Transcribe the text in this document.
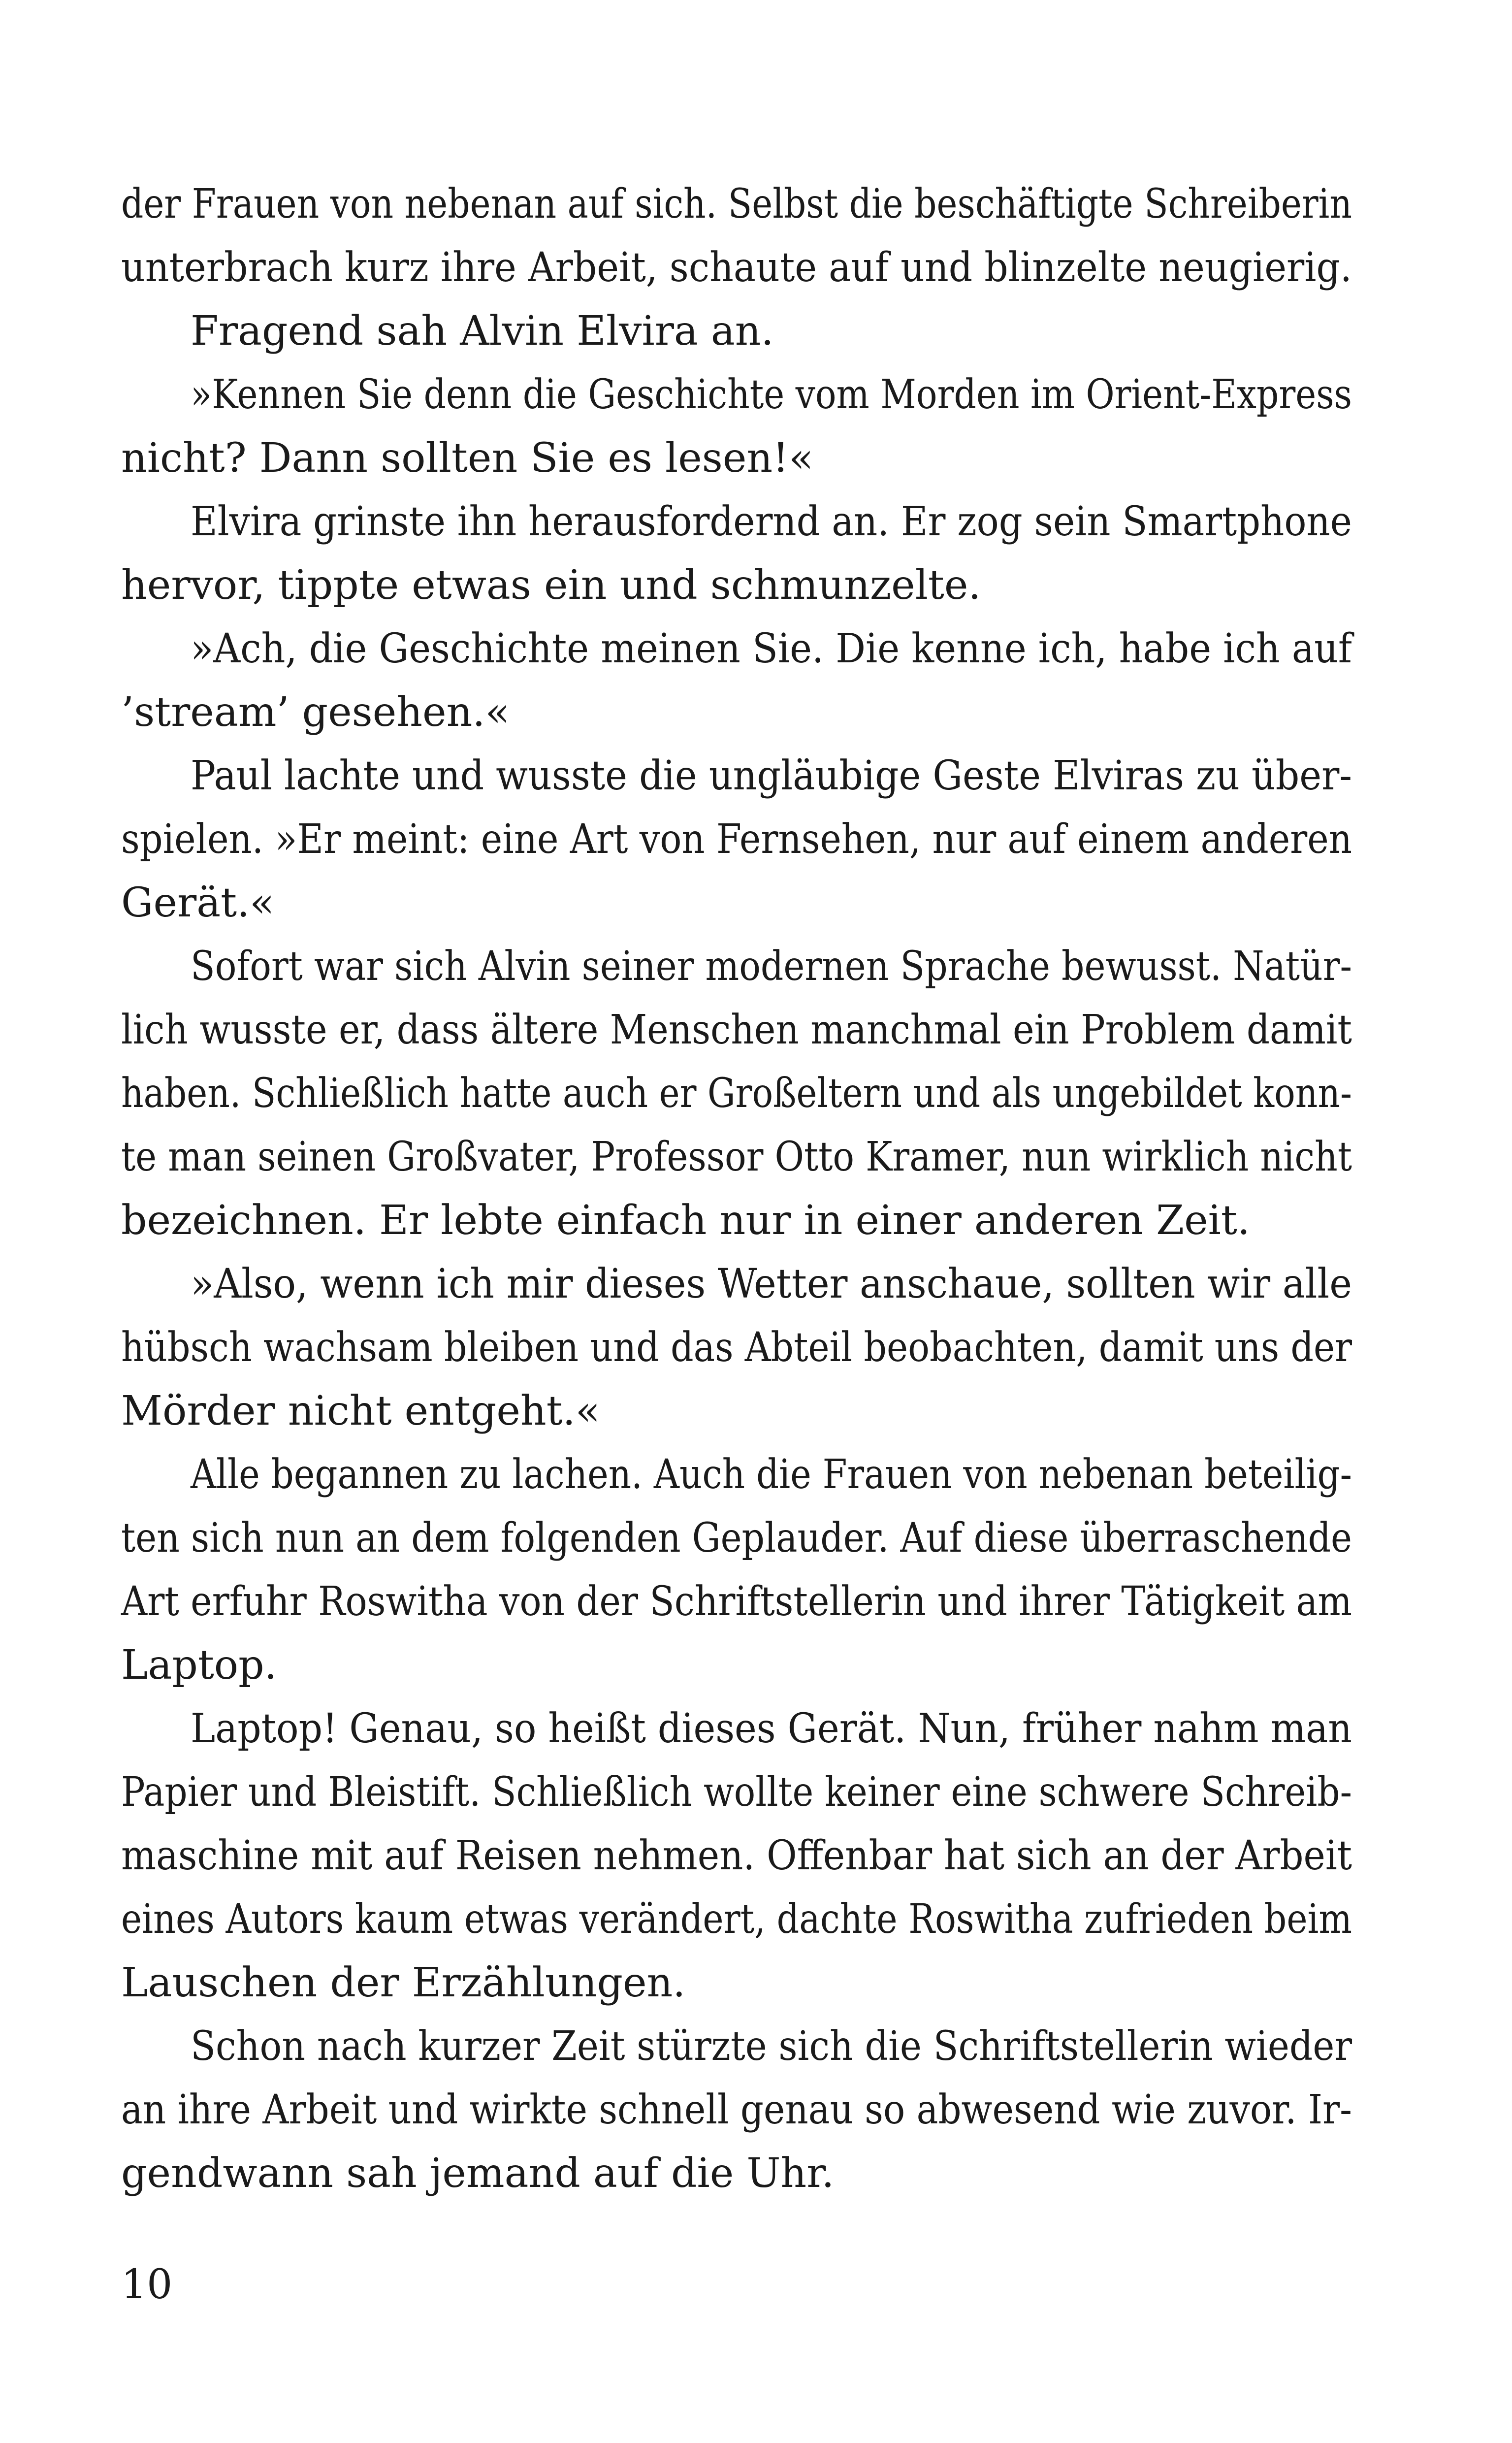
der Frauen von nebenan auf sich. Selbst die beschäftigte Schreiberin
unterbrach kurz ihre Arbeit, schaute auf und blinzelte neugierig.
Fragend sah Alvin Elvira an.
»Kennen Sie denn die Geschichte vom Morden im Orient-Express
nicht? Dann sollten Sie es lesen!«
Elvira grinste ihn herausfordernd an. Er zog sein Smartphone
hervor, tippte etwas ein und schmunzelte.
»Ach, die Geschichte meinen Sie. Die kenne ich, habe ich auf
’stream’ gesehen.«
Paul lachte und wusste die ungläubige Geste Elviras zu über-
spielen. »Er meint: eine Art von Fernsehen, nur auf einem anderen
Gerät.«
Sofort war sich Alvin seiner modernen Sprache bewusst. Natür-
lich wusste er, dass ältere Menschen manchmal ein Problem damit
haben. Schließlich hatte auch er Großeltern und als ungebildet konn-
te man seinen Großvater, Professor Otto Kramer, nun wirklich nicht
bezeichnen. Er lebte einfach nur in einer anderen Zeit.
»Also, wenn ich mir dieses Wetter anschaue, sollten wir alle
hübsch wachsam bleiben und das Abteil beobachten, damit uns der
Mörder nicht entgeht.«
Alle begannen zu lachen. Auch die Frauen von nebenan beteilig-
ten sich nun an dem folgenden Geplauder. Auf diese überraschende
Art erfuhr Roswitha von der Schriftstellerin und ihrer Tätigkeit am
Laptop.
Laptop! Genau, so heißt dieses Gerät. Nun, früher nahm man
Papier und Bleistift. Schließlich wollte keiner eine schwere Schreib-
maschine mit auf Reisen nehmen. Offenbar hat sich an der Arbeit
eines Autors kaum etwas verändert, dachte Roswitha zufrieden beim
Lauschen der Erzählungen.
Schon nach kurzer Zeit stürzte sich die Schriftstellerin wieder
an ihre Arbeit und wirkte schnell genau so abwesend wie zuvor. Ir-
gendwann sah jemand auf die Uhr.
10
